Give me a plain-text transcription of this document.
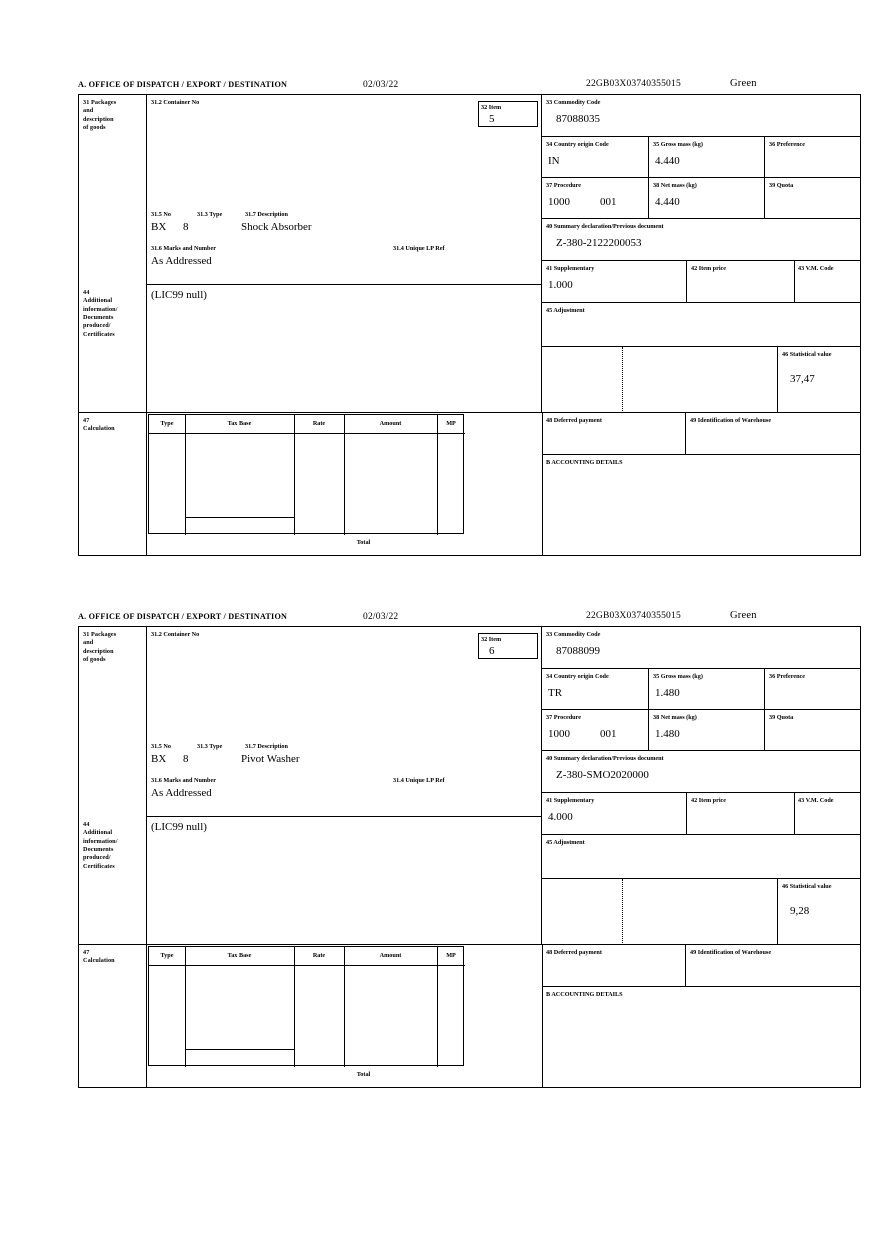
A. OFFICE OF DISPATCH / EXPORT / DESTINATION	02/03/22	22GB03X03740355015	Green
31 Packages
and
description
of goods
31.2 Container No
31.5 No	31.3 Type	31.7 Description
BX 8	Shock Absorber
31.6 Marks and Number	31.4 Unique LP Ref
As Addressed
32 Item
5
33 Commodity Code
87088035
34 Country origin Code
IN
35 Gross mass (kg)
4.440
36 Preference
37 Procedure
1000	001
38 Net mass (kg)
4.440
39 Quota
40 Summary declaration/Previous document
Z-380-2122200053
41 Supplementary
1.000
42 Item price	43 V.M. Code
44
Additional
information/
Documents
produced/
Certificates
(LIC99 null)
45 Adjustment
46 Statistical value
37,47
47
Calculation
Type	Tax Base	Rate	Amount	MP
Total
48 Deferred payment	49 Identification of Warehouse
B ACCOUNTING DETAILS
A. OFFICE OF DISPATCH / EXPORT / DESTINATION	02/03/22	22GB03X03740355015	Green
31 Packages
and
description
of goods
31.2 Container No
31.5 No	31.3 Type	31.7 Description
BX 8	Pivot Washer
31.6 Marks and Number	31.4 Unique LP Ref
As Addressed
32 Item
6
33 Commodity Code
87088099
34 Country origin Code
TR
35 Gross mass (kg)
1.480
36 Preference
37 Procedure
1000	001
38 Net mass (kg)
1.480
39 Quota
40 Summary declaration/Previous document
Z-380-SMO2020000
41 Supplementary
4.000
42 Item price	43 V.M. Code
44
Additional
information/
Documents
produced/
Certificates
(LIC99 null)
45 Adjustment
46 Statistical value
9,28
47
Calculation
Type	Tax Base	Rate	Amount	MP
Total
48 Deferred payment	49 Identification of Warehouse
B ACCOUNTING DETAILS
